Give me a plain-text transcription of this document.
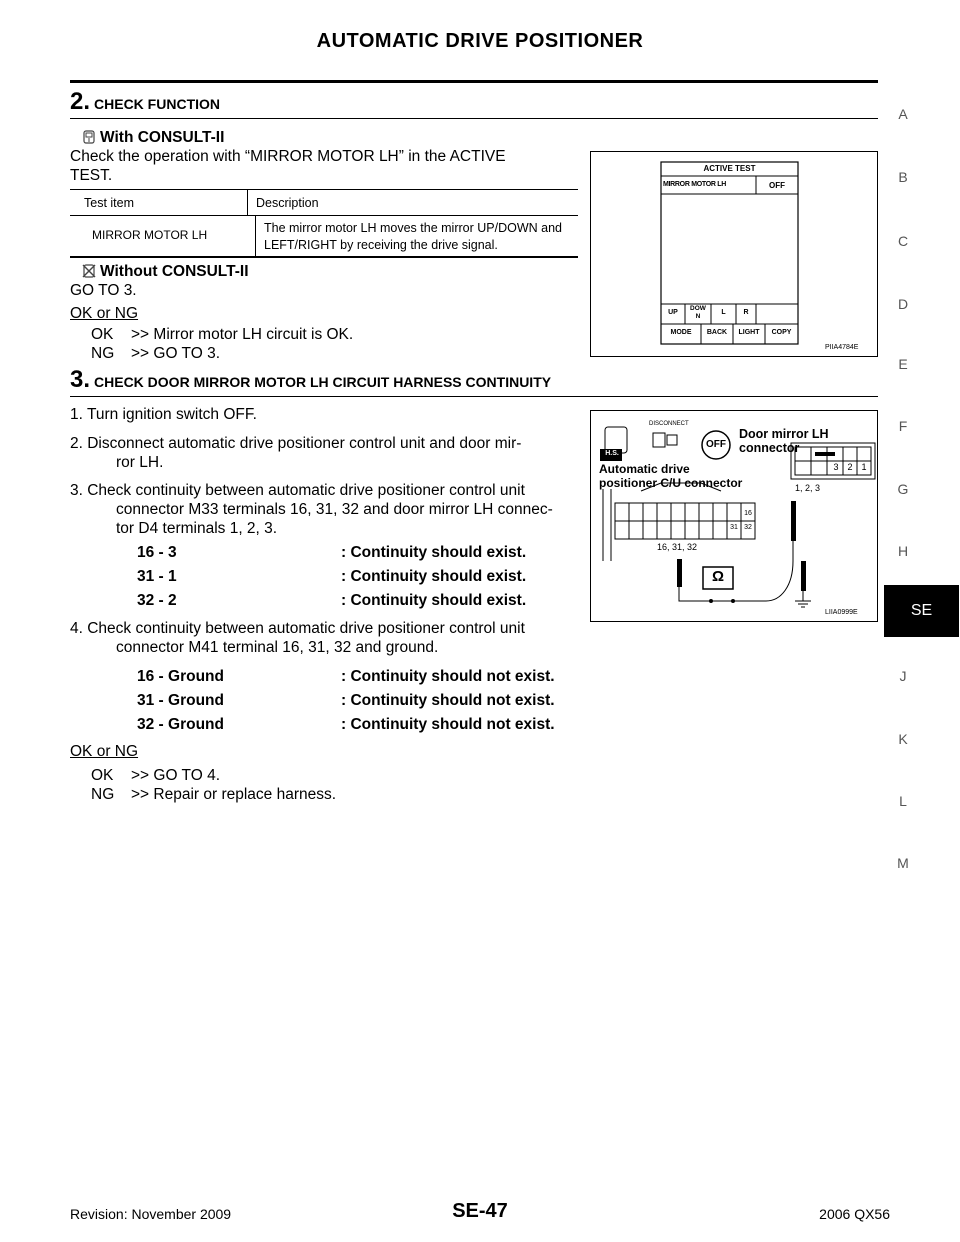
AUTOMATIC DRIVE POSITIONER
A
B
C
D
E
F
G
H
SE
J
K
L
M
2. CHECK FUNCTION
With CONSULT-II
Check the operation with “MIRROR MOTOR LH” in the ACTIVE
TEST.
Test item	Description
MIRROR MOTOR LH	The mirror motor LH moves the mirror UP/DOWN and
LEFT/RIGHT by receiving the drive signal.
Without CONSULT-II
GO TO 3.
OK or NG
OK >> Mirror motor LH circuit is OK.
NG >> GO TO 3.
ACTIVE TEST
MIRROR MOTOR LH	OFF
UP
DOW
N
L	R
MODE	BACK	LIGHT	COPY
PIIA4784E
3. CHECK DOOR MIRROR MOTOR LH CIRCUIT HARNESS CONTINUITY
1. Turn ignition switch OFF.
2. Disconnect automatic drive positioner control unit and door mir-
ror LH.
3. Check continuity between automatic drive positioner control unit
connector M33 terminals 16, 31, 32 and door mirror LH connec-
tor D4 terminals 1, 2, 3.
16 - 3	: Continuity should exist.
31 - 1	: Continuity should exist.
32 - 2	: Continuity should exist.
4. Check continuity between automatic drive positioner control unit
connector M41 terminal 16, 31, 32 and ground.
16 - Ground	: Continuity should not exist.
31 - Ground	: Continuity should not exist.
32 - Ground	: Continuity should not exist.
OK or NG
OK >> GO TO 4.
NG >> Repair or replace harness.
H.S.
DISCONNECT
OFF
Door mirror LH connector
Automatic drive
positioner C/U connector
3 2 1
1, 2, 3
16
31 32
16, 31, 32
Ω
LIIA0999E
Revision: November 2009	SE-47	2006 QX56
